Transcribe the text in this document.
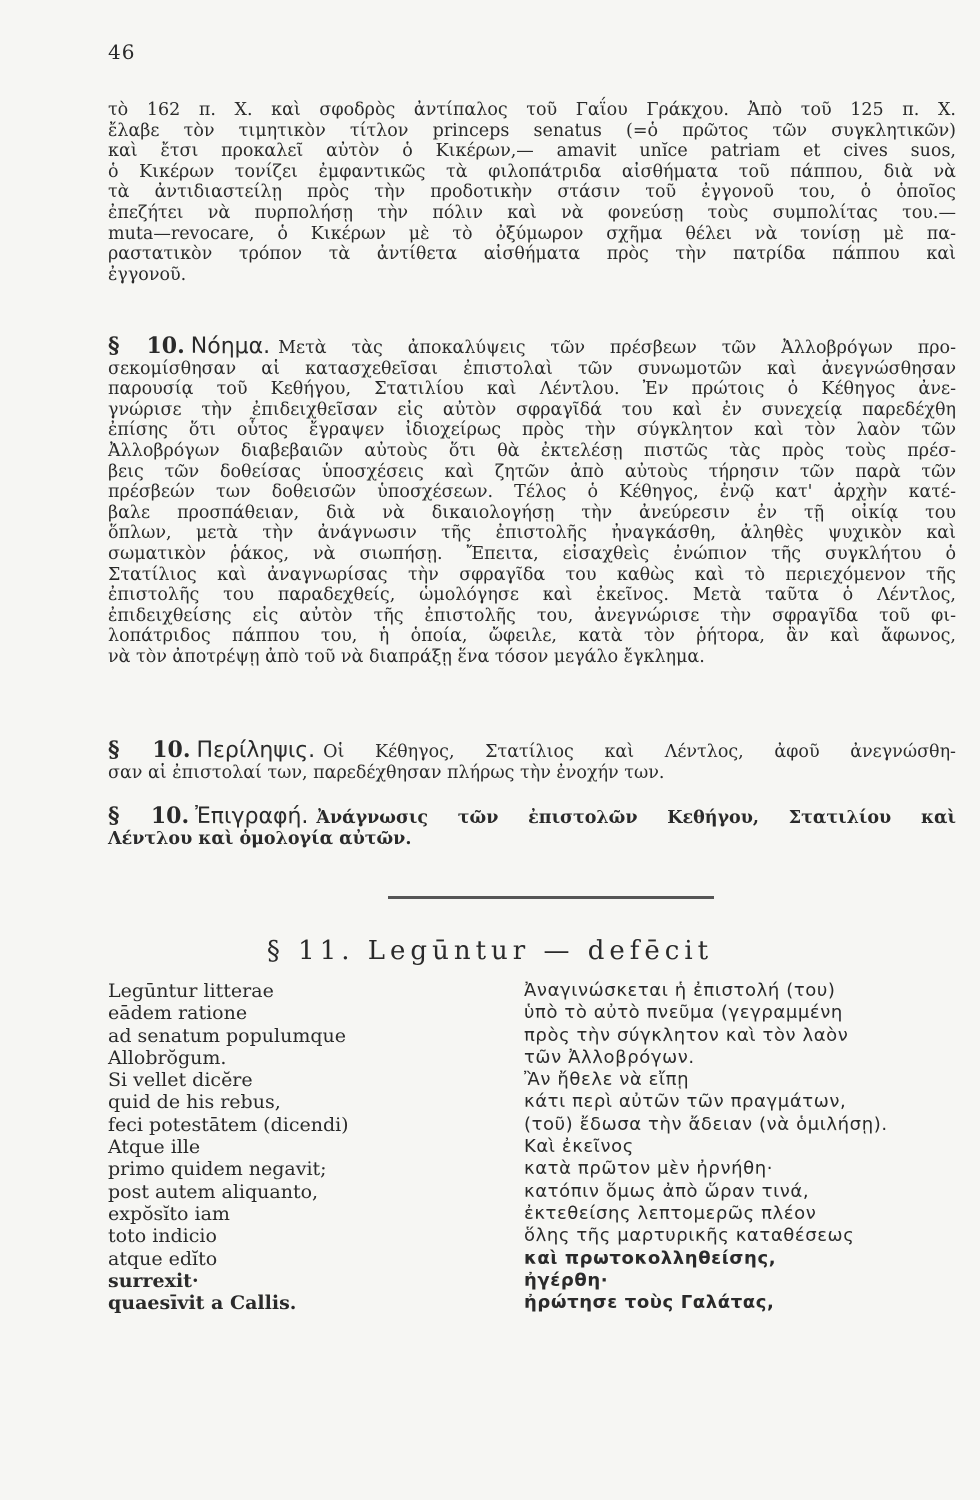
46

τὸ 162 π. Χ. καὶ σφοδρὸς ἀντίπαλος τοῦ Γαΐου Γράκχου. Ἀπὸ τοῦ 125 π. Χ.

ἔλαβε τὸν τιμητικὸν τίτλον princeps senatus (=ὁ πρῶτος τῶν συγκλητικῶν)

καὶ ἔτσι προκαλεῖ αὐτὸν ὁ Κικέρων,— amavit unĭce patriam et cives suos,

ὁ Κικέρων τονίζει ἐμφαντικῶς τὰ φιλοπάτριδα αἰσθήματα τοῦ πάππου, διὰ νὰ

τὰ ἀντιδιαστείλῃ πρὸς τὴν προδοτικὴν στάσιν τοῦ ἐγγονοῦ του, ὁ ὁποῖος

ἐπεζήτει νὰ πυρπολήσῃ τὴν πόλιν καὶ νὰ φονεύσῃ τοὺς συμπολίτας του.—

muta—revocare, ὁ Κικέρων μὲ τὸ ὀξύμωρον σχῆμα θέλει νὰ τονίσῃ μὲ πα-

ραστατικὸν τρόπον τὰ ἀντίθετα αἰσθήματα πρὸς τὴν πατρίδα πάππου καὶ

ἐγγονοῦ.

§ 10. Νόημα. Μετὰ τὰς ἀποκαλύψεις τῶν πρέσβεων τῶν Ἀλλοβρόγων προ-

σεκομίσθησαν αἱ κατασχεθεῖσαι ἐπιστολαὶ τῶν συνωμοτῶν καὶ ἀνεγνώσθησαν

παρουσίᾳ τοῦ Κεθήγου, Στατιλίου καὶ Λέντλου. Ἐν πρώτοις ὁ Κέθηγος ἀνε-

γνώρισε τὴν ἐπιδειχθεῖσαν εἰς αὐτὸν σφραγῖδά του καὶ ἐν συνεχείᾳ παρεδέχθη

ἐπίσης ὅτι οὗτος ἔγραψεν ἰδιοχείρως πρὸς τὴν σύγκλητον καὶ τὸν λαὸν τῶν

Ἀλλοβρόγων διαβεβαιῶν αὐτοὺς ὅτι θὰ ἐκτελέσῃ πιστῶς τὰς πρὸς τοὺς πρέσ-

βεις τῶν δοθείσας ὑποσχέσεις καὶ ζητῶν ἀπὸ αὐτοὺς τήρησιν τῶν παρὰ τῶν

πρέσβεών των δοθεισῶν ὑποσχέσεων. Τέλος ὁ Κέθηγος, ἐνῷ κατ' ἀρχὴν κατέ-

βαλε προσπάθειαν, διὰ νὰ δικαιολογήσῃ τὴν ἀνεύρεσιν ἐν τῇ οἰκίᾳ του

ὅπλων, μετὰ τὴν ἀνάγνωσιν τῆς ἐπιστολῆς ἠναγκάσθη, ἀληθὲς ψυχικὸν καὶ

σωματικὸν ῥάκος, νὰ σιωπήσῃ. Ἔπειτα, εἰσαχθεὶς ἐνώπιον τῆς συγκλήτου ὁ

Στατίλιος καὶ ἀναγνωρίσας τὴν σφραγῖδα του καθὼς καὶ τὸ περιεχόμενον τῆς

ἐπιστολῆς του παραδεχθείς, ὡμολόγησε καὶ ἐκεῖνος. Μετὰ ταῦτα ὁ Λέντλος,

ἐπιδειχθείσης εἰς αὐτὸν τῆς ἐπιστολῆς του, ἀνεγνώρισε τὴν σφραγῖδα τοῦ φι-

λοπάτριδος πάππου του, ἡ ὁποία, ὤφειλε, κατὰ τὸν ῥήτορα, ἂν καὶ ἄφωνος,

νὰ τὸν ἀποτρέψῃ ἀπὸ τοῦ νὰ διαπράξῃ ἕνα τόσον μεγάλο ἔγκλημα.

§ 10. Περίληψις. Οἱ Κέθηγος, Στατίλιος καὶ Λέντλος, ἀφοῦ ἀνεγνώσθη-

σαν αἱ ἐπιστολαί των, παρεδέχθησαν πλήρως τὴν ἐνοχήν των.

§ 10. Ἐπιγραφή. Ἀνάγνωσις τῶν ἐπιστολῶν Κεθήγου, Στατιλίου καὶ

Λέντλου καὶ ὁμολογία αὐτῶν.

§ 11. Legūntur — defēcit
Legūntur litterae
eādem ratione
ad senatum populumque
Allobrŏgum.
Si vellet dicĕre
quid de his rebus,
feci potestātem (dicendi)
Atque ille
primo quidem negavit;
post autem aliquanto,
expŏsĭto iam
toto indicio
atque edĭto
surrexit·
quaesīvit a Callis.
Ἀναγινώσκεται ἡ ἐπιστολή (του)
ὑπὸ τὸ αὐτὸ πνεῦμα (γεγραμμένη
πρὸς τὴν σύγκλητον καὶ τὸν λαὸν
τῶν Ἀλλοβρόγων.
Ἂν ἤθελε νὰ εἴπῃ
κάτι περὶ αὐτῶν τῶν πραγμάτων,
(τοῦ) ἔδωσα τὴν ἄδειαν (νὰ ὁμιλήσῃ).
Καὶ ἐκεῖνος
κατὰ πρῶτον μὲν ἠρνήθη·
κατόπιν ὅμως ἀπὸ ὥραν τινά,
ἐκτεθείσης λεπτομερῶς πλέον
ὅλης τῆς μαρτυρικῆς καταθέσεως
καὶ πρωτοκολληθείσης,
ἠγέρθη·
ἠρώτησε τοὺς Γαλάτας,
